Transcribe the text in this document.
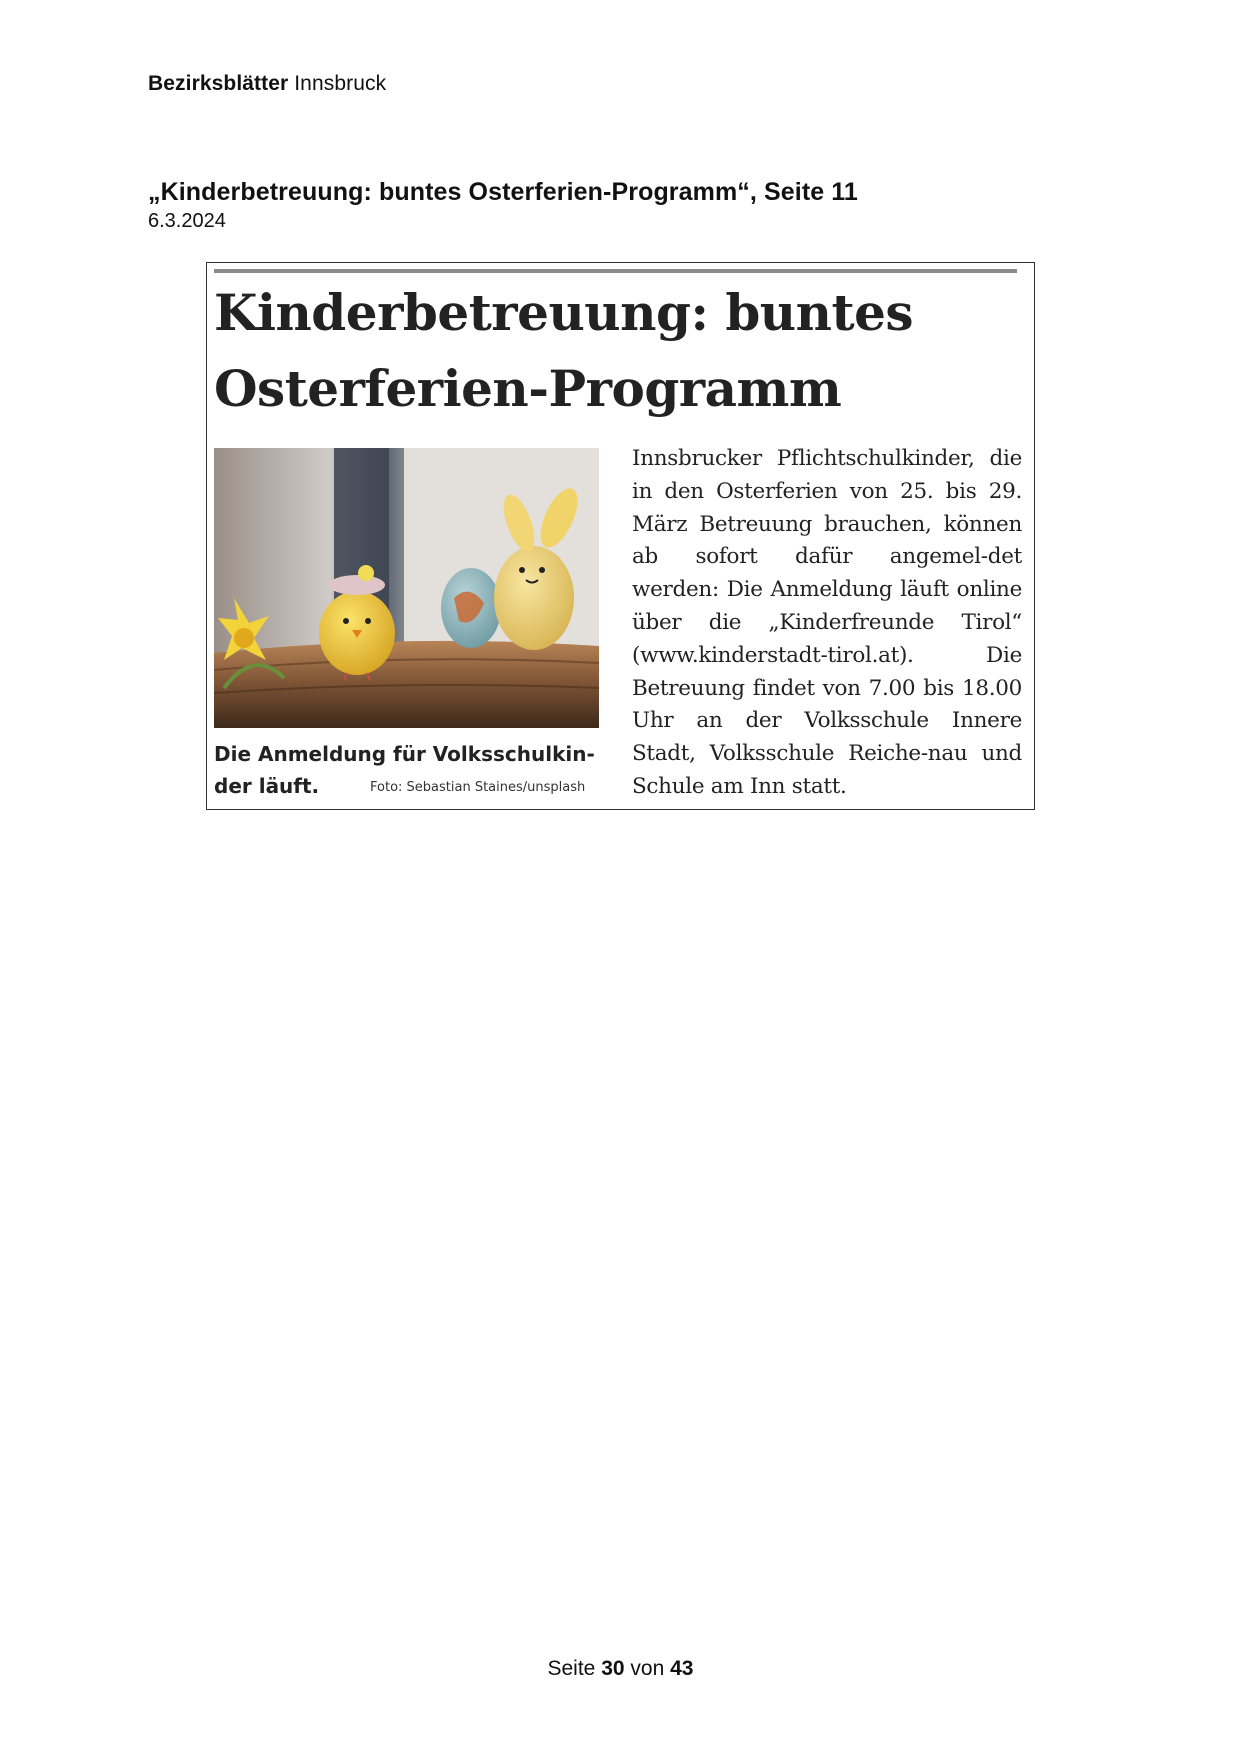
Bezirksblätter Innsbruck
„Kinderbetreuung: buntes Osterferien-Programm“, Seite 11
6.3.2024
Kinderbetreuung: buntes Osterferien-Programm
Die Anmeldung für Volksschulkin-der läuft.	Foto: Sebastian Staines/unsplash
Innsbrucker Pflichtschulkinder, die in den Osterferien von 25. bis 29. März Betreuung brauchen, können ab sofort dafür angemel-det werden: Die Anmeldung läuft online über die „Kinderfreunde Tirol“ (www.kinderstadt-tirol.at). Die Betreuung findet von 7.00 bis 18.00 Uhr an der Volksschule Innere Stadt, Volksschule Reiche-nau und Schule am Inn statt.
Seite 30 von 43
